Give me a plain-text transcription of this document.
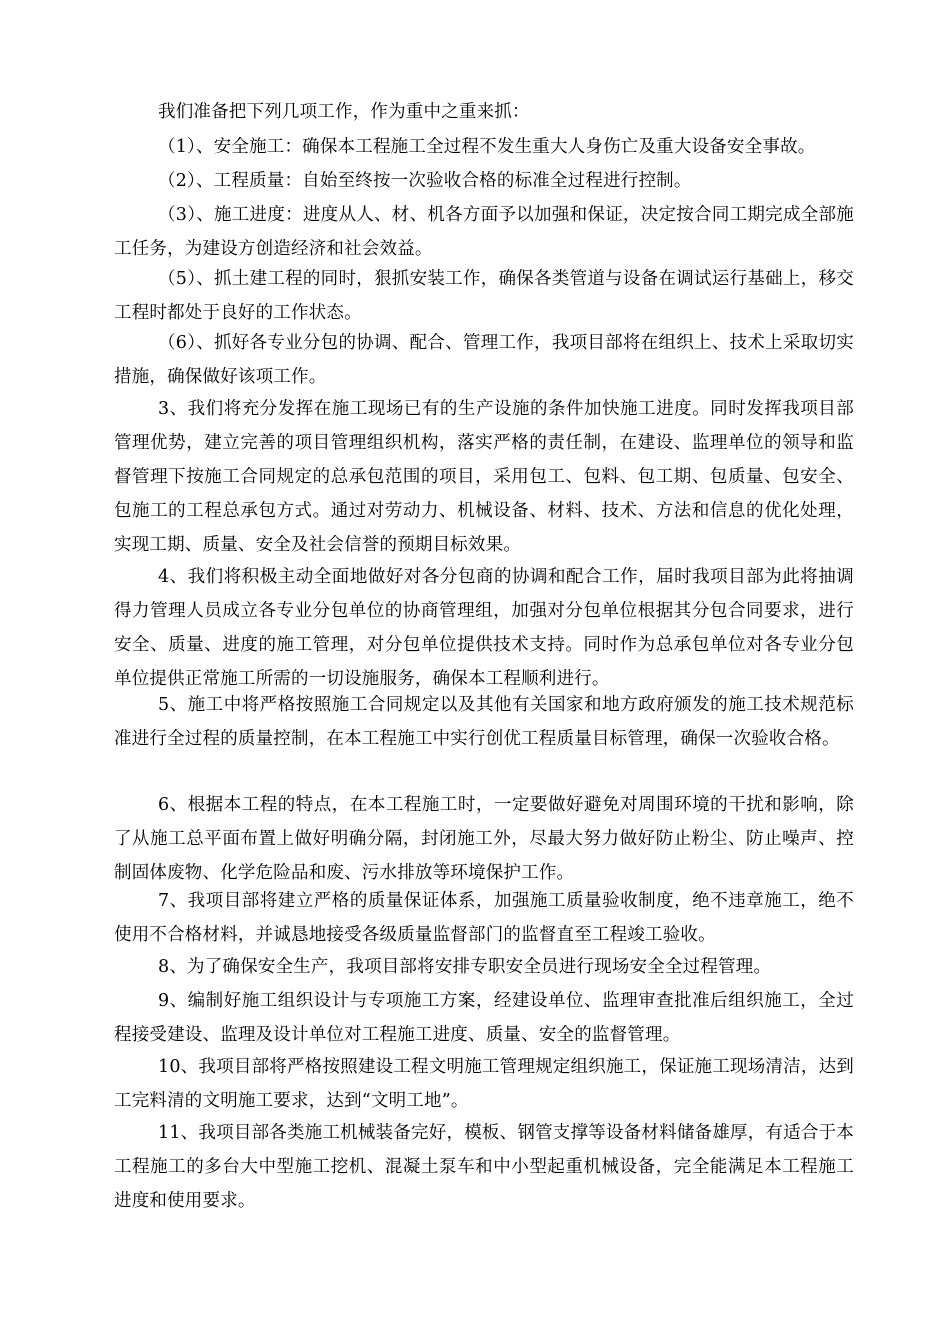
我们准备把下列几项工作，作为重中之重来抓：

（1）、安全施工：确保本工程施工全过程不发生重大人身伤亡及重大设备安全事故。

（2）、工程质量：自始至终按一次验收合格的标准全过程进行控制。

（3）、施工进度：进度从人、材、机各方面予以加强和保证，决定按合同工期完成全部施工任务，为建设方创造经济和社会效益。

（5）、抓土建工程的同时，狠抓安装工作，确保各类管道与设备在调试运行基础上，移交工程时都处于良好的工作状态。

（6）、抓好各专业分包的协调、配合、管理工作，我项目部将在组织上、技术上采取切实措施，确保做好该项工作。

3、我们将充分发挥在施工现场已有的生产设施的条件加快施工进度。同时发挥我项目部管理优势，建立完善的项目管理组织机构，落实严格的责任制，在建设、监理单位的领导和监督管理下按施工合同规定的总承包范围的项目，采用包工、包料、包工期、包质量、包安全、包施工的工程总承包方式。通过对劳动力、机械设备、材料、技术、方法和信息的优化处理，实现工期、质量、安全及社会信誉的预期目标效果。

4、我们将积极主动全面地做好对各分包商的协调和配合工作，届时我项目部为此将抽调得力管理人员成立各专业分包单位的协商管理组，加强对分包单位根据其分包合同要求，进行安全、质量、进度的施工管理，对分包单位提供技术支持。同时作为总承包单位对各专业分包单位提供正常施工所需的一切设施服务，确保本工程顺利进行。

5、施工中将严格按照施工合同规定以及其他有关国家和地方政府颁发的施工技术规范标准进行全过程的质量控制，在本工程施工中实行创优工程质量目标管理，确保一次验收合格。

6、根据本工程的特点，在本工程施工时，一定要做好避免对周围环境的干扰和影响，除了从施工总平面布置上做好明确分隔，封闭施工外，尽最大努力做好防止粉尘、防止噪声、控制固体废物、化学危险品和废、污水排放等环境保护工作。

7、我项目部将建立严格的质量保证体系，加强施工质量验收制度，绝不违章施工，绝不使用不合格材料，并诚恳地接受各级质量监督部门的监督直至工程竣工验收。

8、为了确保安全生产，我项目部将安排专职安全员进行现场安全全过程管理。

9、编制好施工组织设计与专项施工方案，经建设单位、监理审查批准后组织施工，全过程接受建设、监理及设计单位对工程施工进度、质量、安全的监督管理。

10、我项目部将严格按照建设工程文明施工管理规定组织施工，保证施工现场清洁，达到工完料清的文明施工要求，达到“文明工地”。

11、我项目部各类施工机械装备完好，模板、钢管支撑等设备材料储备雄厚，有适合于本工程施工的多台大中型施工挖机、混凝土泵车和中小型起重机械设备，完全能满足本工程施工进度和使用要求。
